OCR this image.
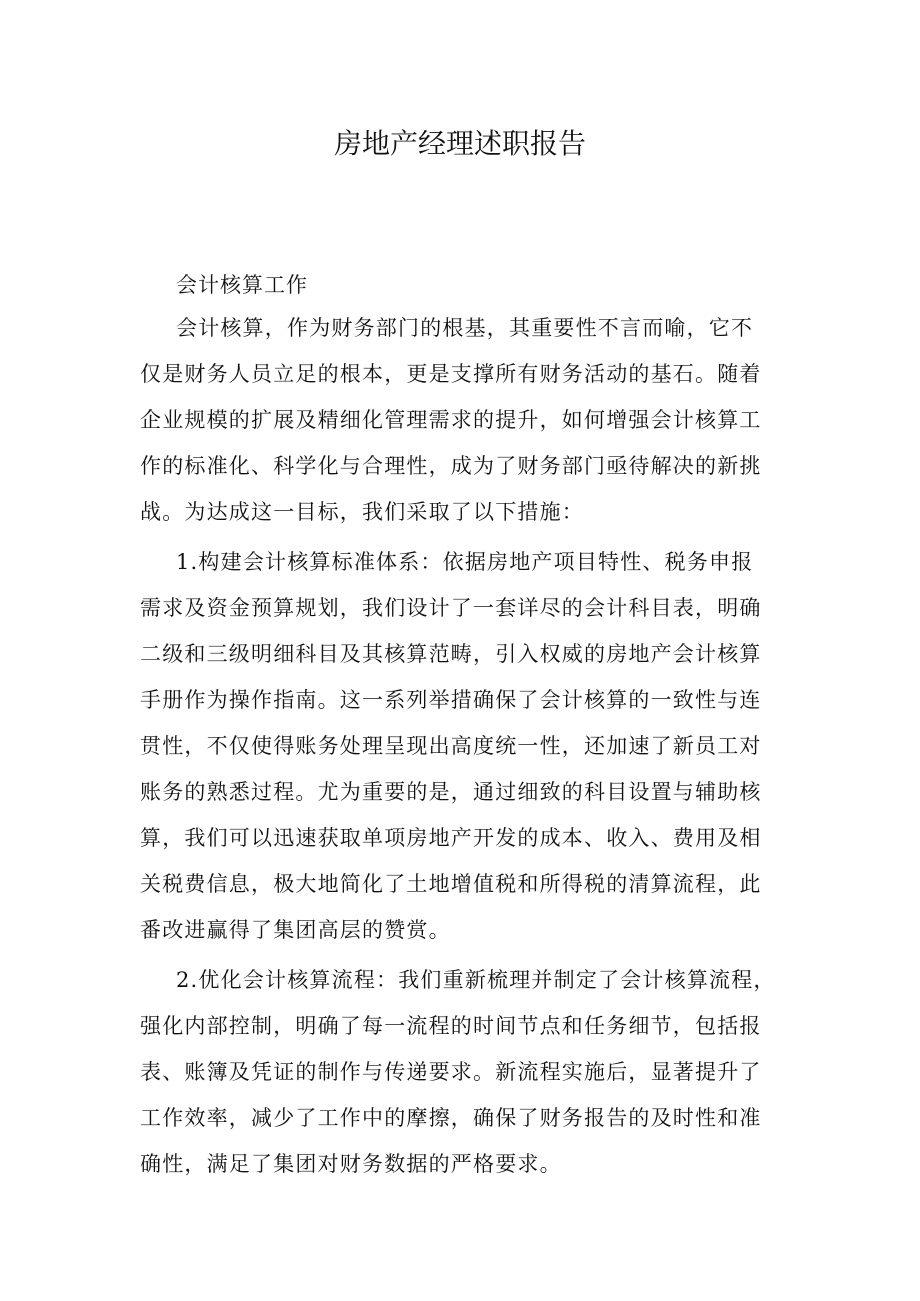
房地产经理述职报告
会计核算工作
会计核算，作为财务部门的根基，其重要性不言而喻，它不
仅是财务人员立足的根本，更是支撑所有财务活动的基石。随着
企业规模的扩展及精细化管理需求的提升，如何增强会计核算工
作的标准化、科学化与合理性，成为了财务部门亟待解决的新挑
战。为达成这一目标，我们采取了以下措施：
1.构建会计核算标准体系：依据房地产项目特性、税务申报
需求及资金预算规划，我们设计了一套详尽的会计科目表，明确
二级和三级明细科目及其核算范畴，引入权威的房地产会计核算
手册作为操作指南。这一系列举措确保了会计核算的一致性与连
贯性，不仅使得账务处理呈现出高度统一性，还加速了新员工对
账务的熟悉过程。尤为重要的是，通过细致的科目设置与辅助核
算，我们可以迅速获取单项房地产开发的成本、收入、费用及相
关税费信息，极大地简化了土地增值税和所得税的清算流程，此
番改进赢得了集团高层的赞赏。
2.优化会计核算流程：我们重新梳理并制定了会计核算流程，
强化内部控制，明确了每一流程的时间节点和任务细节，包括报
表、账簿及凭证的制作与传递要求。新流程实施后，显著提升了
工作效率，减少了工作中的摩擦，确保了财务报告的及时性和准
确性，满足了集团对财务数据的严格要求。
